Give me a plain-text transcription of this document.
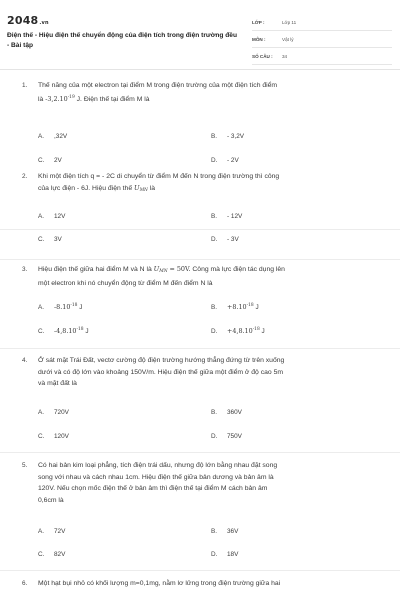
2048.vn
Điện thế - Hiệu điện thế chuyển động của điện tích trong điện trường đều - Bài tập
LỚP :	Lớp 11
MÔN :	Vật lý
SỐ CÂU :	34
1. Thế năng của một electron tại điểm M trong điện trường của một điện tích điểm
là $-3,2.10^{-19}$ J. Điện thế tại điểm M là
A. ,32V	B. - 3,2V
C. 2V	D. - 2V
2. Khi một điện tích q = - 2C di chuyển từ điểm M đến N trong điện trường thì công
của lực điện - 6J. Hiệu điện thế $U_{MN}$ là
A. 12V	B. - 12V
C. 3V	D. - 3V
3. Hiệu điện thế giữa hai điểm M và N là $U_{MN} = 50V$. Công mà lực điện tác dụng lên
một electron khi nó chuyển động từ điểm M đến điểm N là
A. $-8.10^{-18}$ J	B. $+8.10^{-18}$ J
C. $-4,8.10^{-18}$ J	D. $+4,8.10^{-18}$ J
4. Ở sát mặt Trái Đất, vectơ cường độ điện trường hướng thẳng đứng từ trên xuống
dưới và có độ lớn vào khoảng 150V/m. Hiệu điện thế giữa một điểm ở độ cao 5m
và mặt đất là
A. 720V	B. 360V
C. 120V	D. 750V
5. Có hai bản kim loại phẳng, tích điện trái dấu, nhưng độ lớn bằng nhau đặt song
song với nhau và cách nhau 1cm. Hiệu điện thế giữa bản dương và bản âm là
120V. Nếu chọn mốc điện thế ở bản âm thì điện thế tại điểm M cách bản âm
0,6cm là
A. 72V	B. 36V
C. 82V	D. 18V
6. Một hạt bụi nhỏ có khối lượng m=0,1mg, nằm lơ lửng trong điện trường giữa hai
